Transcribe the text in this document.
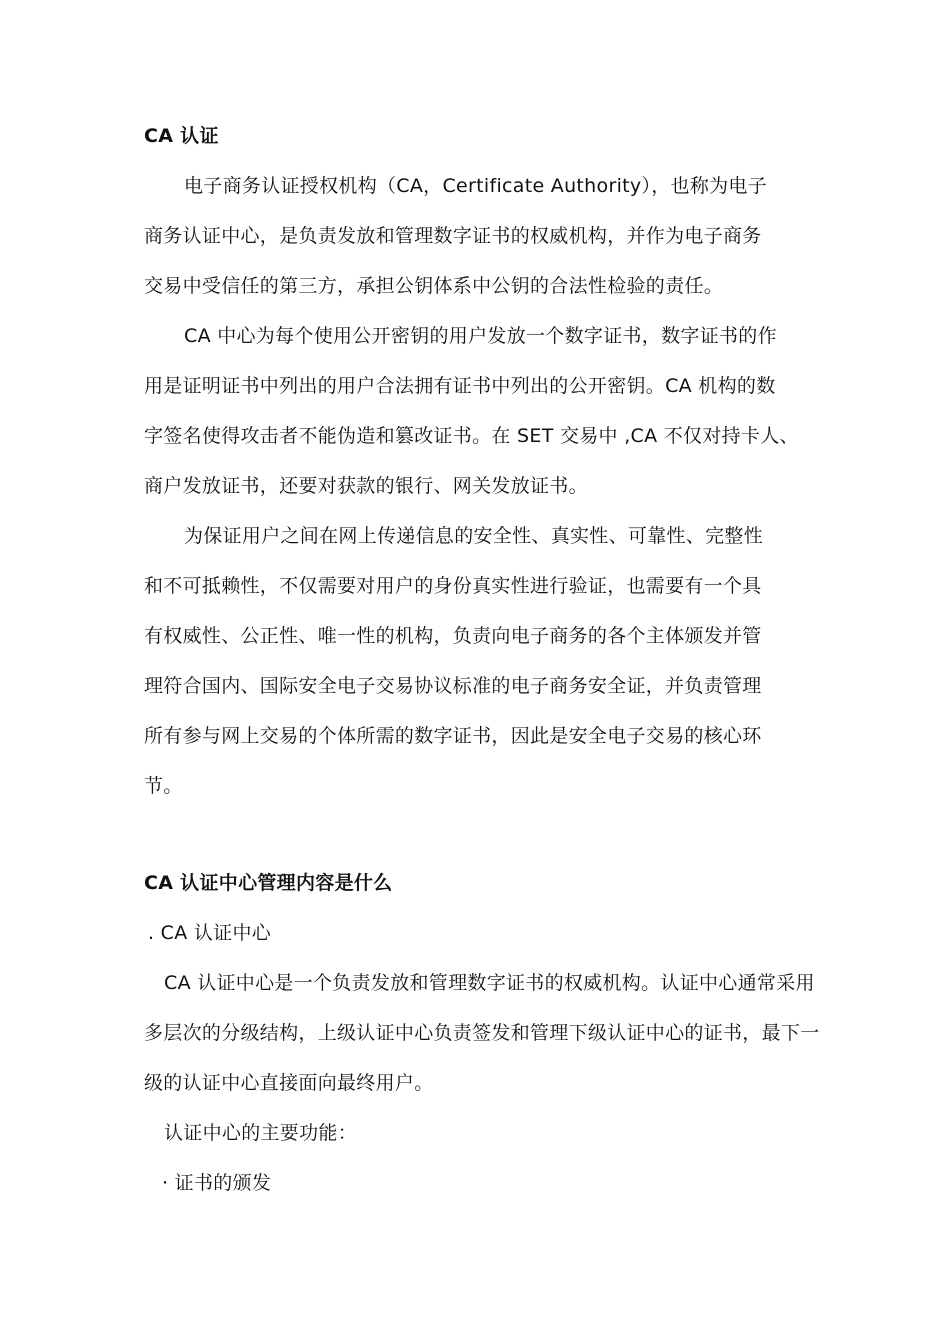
CA 认证
电子商务认证授权机构（CA，Certificate Authority），也称为电子
商务认证中心，是负责发放和管理数字证书的权威机构，并作为电子商务
交易中受信任的第三方，承担公钥体系中公钥的合法性检验的责任。
CA 中心为每个使用公开密钥的用户发放一个数字证书，数字证书的作
用是证明证书中列出的用户合法拥有证书中列出的公开密钥。CA 机构的数
字签名使得攻击者不能伪造和篡改证书。在 SET 交易中 ,CA 不仅对持卡人、
商户发放证书，还要对获款的银行、网关发放证书。
为保证用户之间在网上传递信息的安全性、真实性、可靠性、完整性
和不可抵赖性，不仅需要对用户的身份真实性进行验证，也需要有一个具
有权威性、公正性、唯一性的机构，负责向电子商务的各个主体颁发并管
理符合国内、国际安全电子交易协议标准的电子商务安全证，并负责管理
所有参与网上交易的个体所需的数字证书，因此是安全电子交易的核心环
节。
CA 认证中心管理内容是什么
. CA 认证中心
CA 认证中心是一个负责发放和管理数字证书的权威机构。认证中心通常采用
多层次的分级结构，上级认证中心负责签发和管理下级认证中心的证书，最下一
级的认证中心直接面向最终用户。
认证中心的主要功能：
· 证书的颁发
